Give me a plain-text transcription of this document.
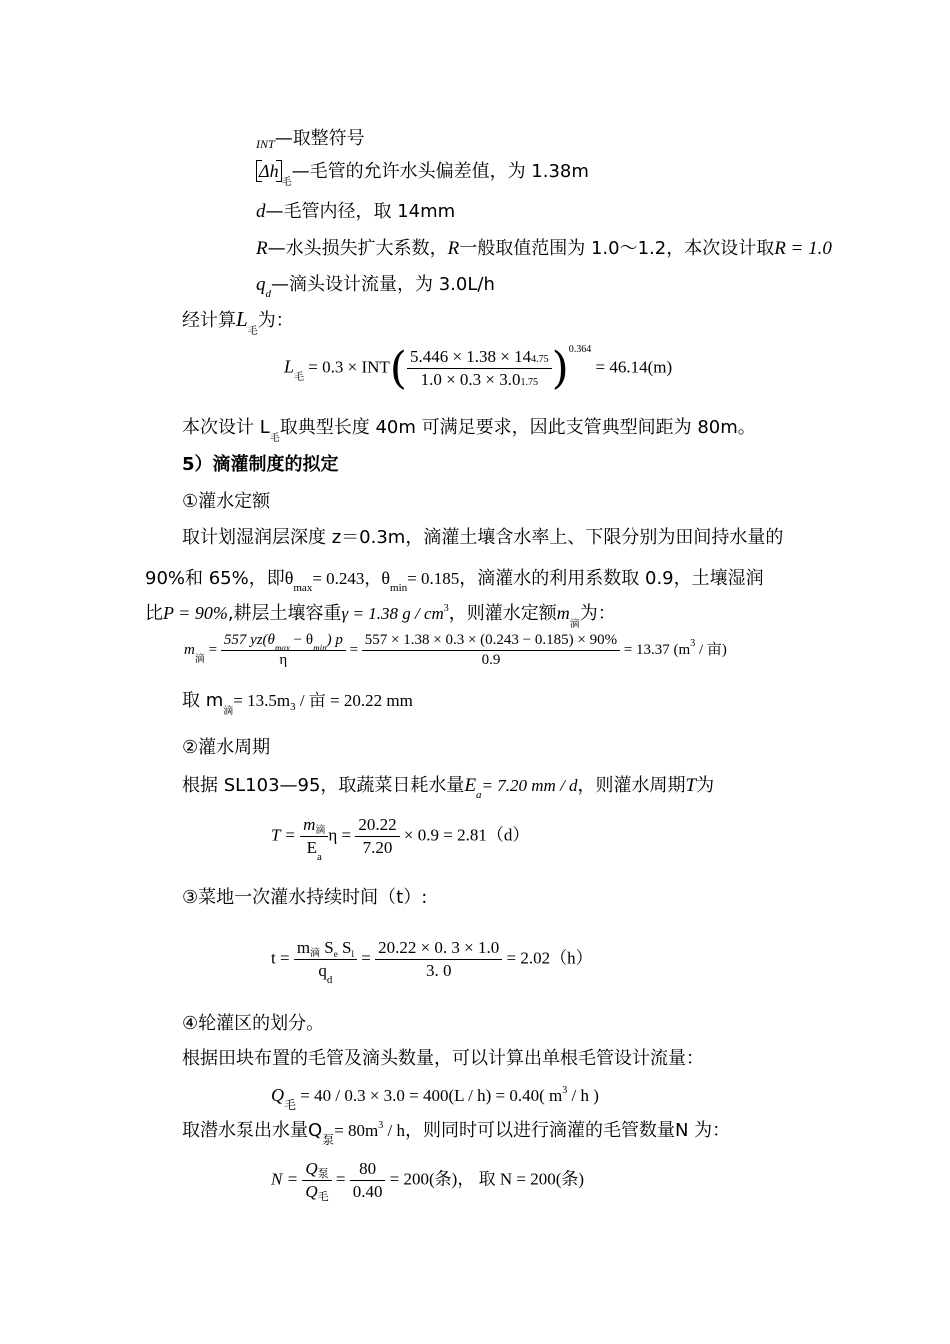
$_{INT}$—取整符号
$\Delta h_毛—$毛管的允许水头偏差值，为 1.38m
d—毛管内径，取 14mm
R—水头损失扩大系数，R一般取值范围为 1.0～1.2，本次设计取R = 1.0
$q_d—$滴头设计流量，为 3.0L/h
经计算$L_毛$为：
$L_毛 = 0.3 \times INT( \frac{5.446 \times 1.38 \times 144.75}{1.0 \times 0.3 \times 3.01.75} )^{0.364} = 46.14(m)$
本次设计 $L_毛$取典型长度 40m 可满足要求，因此支管典型间距为 80m。
5）滴灌制度的拟定
①灌水定额
取计划湿润层深度 z＝0.3m，滴灌土壤含水率上、下限分别为田间持水量的
90%和 65%，即$\theta_{max}= 0.243$，$\theta_{min}= 0.185$，滴灌水的利用系数取 0.9，土壤湿润
比P = 90%,耕层土壤容重γ = 1.38 g / $cm^3$，则灌水定额$m_滴$为：
$m_滴 = \frac{557 yz(\theta_{max} - \theta_{min}) p}{\eta} = \frac{557 \times 1.38 \times 0.3 \times (0.243 - 0.185) \times 90\%}{0.9} = 13.37$ ($m^3$ / 亩)
取 $m_滴= 13.5m_3$ / 亩 = 20.22 mm
②灌水周期
根据 SL103—95，取蔬菜日耗水量$E_a= 7.20$ mm / d，则灌水周期T为
$T = \frac{\text{m滴}}{E_a}$ $\eta = \frac{20.22}{7.20} \times 0.9 = 2.81(d)$
③菜地一次灌水持续时间（t）:
$t = \frac{m滴 S_e S_l}{q_d} = \frac{20.22 \times 0. 3 \times 1.0}{3. 0} = 2.02(h)$
④轮灌区的划分。
根据田块布置的毛管及滴头数量，可以计算出单根毛管设计流量：
$Q_毛 = 40 / 0.3 \times 3.0 = 400(L / h) = 0.40$( $m^3$ / h )
取潜水泵出水量$Q_泵= 80m^3 / h$，则同时可以进行滴灌的毛管数量N 为：
$N = \frac{\text{Q泵}}{\text{Q毛}} = \frac{80}{0.40} = 200$(条)， 取 N = 200(条)
